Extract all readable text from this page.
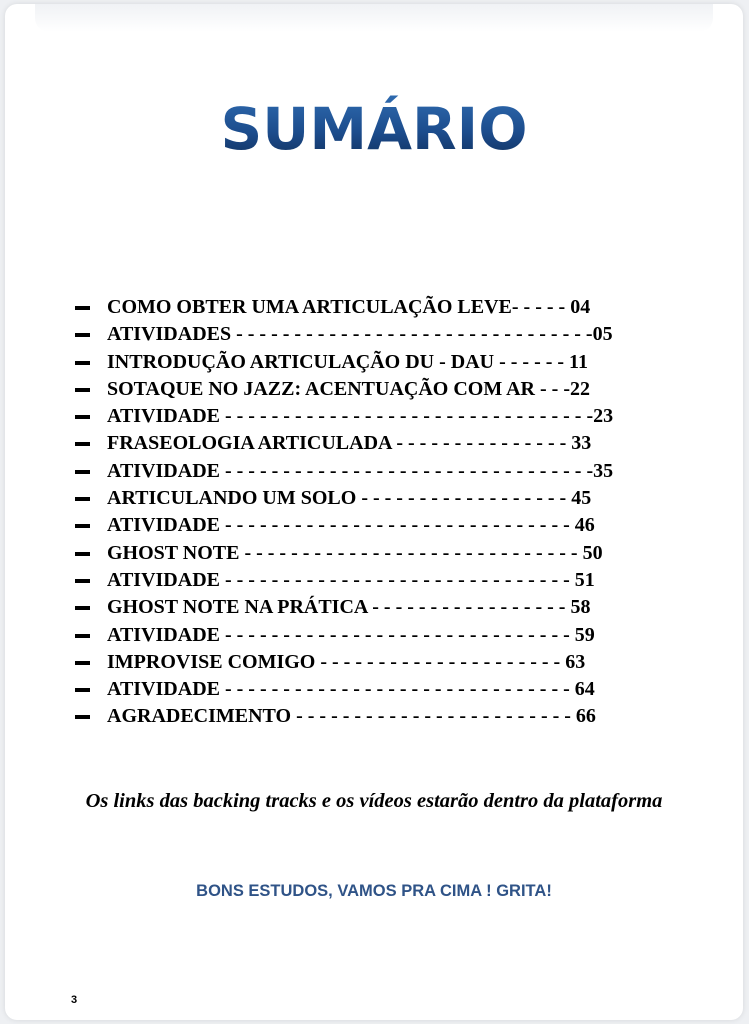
SUMÁRIO
COMO OBTER UMA ARTICULAÇÃO LEVE- - - - - 04
ATIVIDADES - - - - - - - - - - - - - - - - - - - - - - - - - - - - - - -05
INTRODUÇÃO ARTICULAÇÃO DU - DAU - - - - - - 11
SOTAQUE NO JAZZ: ACENTUAÇÃO COM AR - - -22
ATIVIDADE - - - - - - - - - - - - - - - - - - - - - - - - - - - - - - - -23
FRASEOLOGIA ARTICULADA - - - - - - - - - - - - - - - 33
ATIVIDADE - - - - - - - - - - - - - - - - - - - - - - - - - - - - - - - -35
ARTICULANDO UM SOLO - - - - - - - - - - - - - - - - - - 45
ATIVIDADE - - - - - - - - - - - - - - - - - - - - - - - - - - - - - - 46
GHOST NOTE - - - - - - - - - - - - - - - - - - - - - - - - - - - - - 50
ATIVIDADE - - - - - - - - - - - - - - - - - - - - - - - - - - - - - - 51
GHOST NOTE NA PRÁTICA - - - - - - - - - - - - - - - - - 58
ATIVIDADE - - - - - - - - - - - - - - - - - - - - - - - - - - - - - - 59
IMPROVISE COMIGO - - - - - - - - - - - - - - - - - - - - - 63
ATIVIDADE - - - - - - - - - - - - - - - - - - - - - - - - - - - - - - 64
AGRADECIMENTO - - - - - - - - - - - - - - - - - - - - - - - - 66
Os links das backing tracks e os vídeos estarão dentro da plataforma
BONS ESTUDOS, VAMOS PRA CIMA ! GRITA!
3
